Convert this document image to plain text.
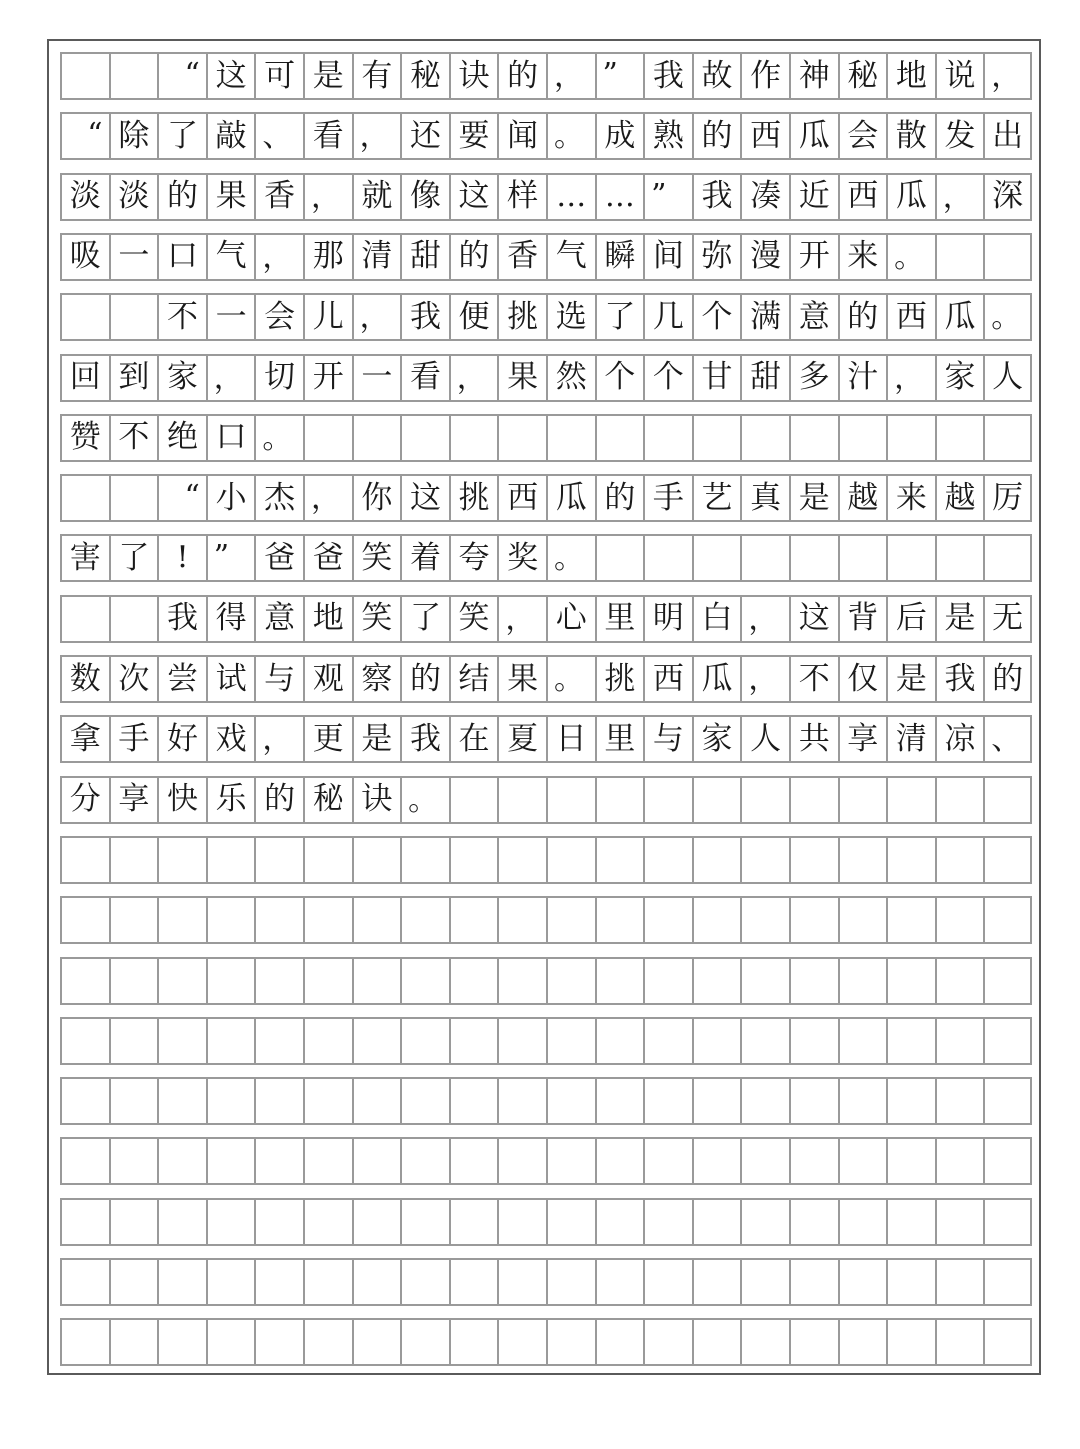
“ 这 可 是 有 秘 诀 的 ， ”	我 故 作 神 秘 地 说 ，
“ 除 了 敲 、 看 ， 还 要 闻 。 成 熟 的 西 瓜 会 散 发 出
淡 淡 的 果 香 ， 就 像 这 样 … … ”	我 凑 近 西 瓜 ， 深
吸 一 口 气 ， 那 清 甜 的 香 气 瞬 间 弥 漫 开 来 。
不 一 会 儿 ， 我 便 挑 选 了 几 个 满 意 的 西 瓜 。
回 到 家 ， 切 开 一 看 ， 果 然 个 个 甘 甜 多 汁 ， 家 人
赞 不 绝 口 。
“ 小 杰 ， 你 这 挑 西 瓜 的 手 艺 真 是 越 来 越 厉
害 了 ! ”	爸 爸 笑 着 夸 奖 。
我 得 意 地 笑 了 笑 ， 心 里 明 白 ， 这 背 后 是 无
数 次 尝 试 与 观 察 的 结 果 。 挑 西 瓜 ， 不 仅 是 我 的
拿 手 好 戏 ， 更 是 我 在 夏 日 里 与 家 人 共 享 清 凉 、
分 享 快 乐 的 秘 诀 。
